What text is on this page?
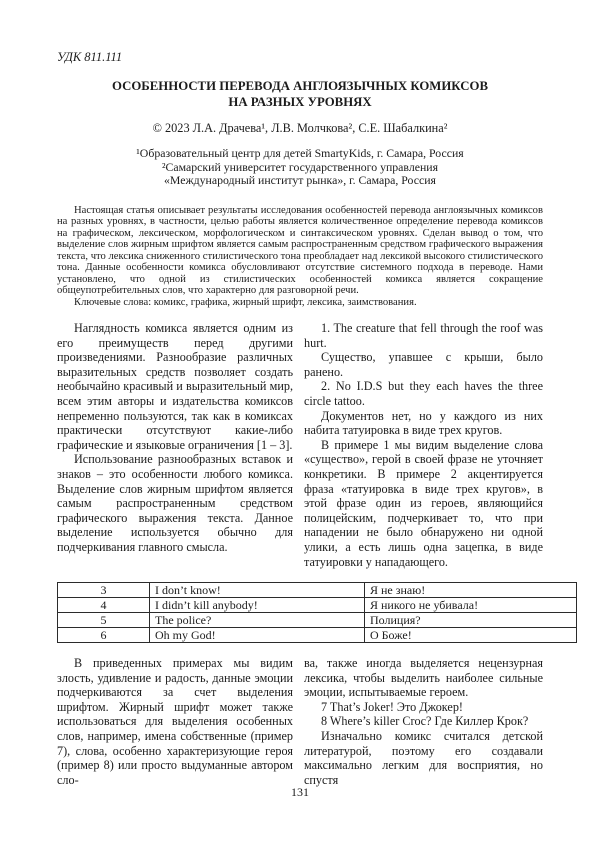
УДК 811.111
ОСОБЕННОСТИ ПЕРЕВОДА АНГЛОЯЗЫЧНЫХ КОМИКСОВ
НА РАЗНЫХ УРОВНЯХ
© 2023 Л.А. Драчева¹, Л.В. Молчкова², С.Е. Шабалкина²
¹Образовательный центр для детей SmartyKids, г. Самара, Россия
²Самарский университет государственного управления
«Международный институт рынка», г. Самара, Россия

Настоящая статья описывает результаты исследования особенностей перевода англоязычных комиксов на разных уровнях, в частности, целью работы является количественное определение перевода комиксов на графическом, лексическом, морфологическом и синтаксическом уровнях. Сделан вывод о том, что выделение слов жирным шрифтом является самым распространенным средством графического выражения текста, что лексика сниженного стилистического тона преобладает над лексикой высокого стилистического тона. Данные особенности комикса обусловливают отсутствие системного подхода в переводе. Нами установлено, что одной из стилистических особенностей комикса является сокращение общеупотребительных слов, что характерно для разговорной речи.

Ключевые слова: комикс, графика, жирный шрифт, лексика, заимствования.

Наглядность комикса является одним из его преимуществ перед другими произведениями. Разнообразие различных выразительных средств позволяет создать необычайно красивый и выразительный мир, всем этим авторы и издательства комиксов непременно пользуются, так как в комиксах практически отсутствуют какие-либо графические и языковые ограничения [1 – 3].

Использование разнообразных вставок и знаков – это особенности любого комикса. Выделение слов жирным шрифтом является самым распространенным средством графического выражения текста. Данное выделение используется обычно для подчеркивания главного смысла.

1. The creature that fell through the roof was hurt.

Существо, упавшее с крыши, было ранено.

2. No I.D.S but they each haves the three circle tattoo.

Документов нет, но у каждого из них набита татуировка в виде трех кругов.

В примере 1 мы видим выделение слова «существо», герой в своей фразе не уточняет конкретики. В примере 2 акцентируется фраза «татуировка в виде трех кругов», в этой фразе один из героев, являющийся полицейским, подчеркивает то, что при нападении не было обнаружено ни одной улики, а есть лишь одна зацепка, в виде татуировки у нападающего.

3	I don’t know!	Я не знаю!
4	I didn’t kill anybody!	Я никого не убивала!
5	The police?	Полиция?
6	Oh my God!	О Боже!

В приведенных примерах мы видим злость, удивление и радость, данные эмоции подчеркиваются за счет выделения шрифтом. Жирный шрифт может также использоваться для выделения особенных слов, например, имена собственные (пример 7), слова, особенно характеризующие героя (пример 8) или просто выдуманные автором сло-

ва, также иногда выделяется нецензурная лексика, чтобы выделить наиболее сильные эмоции, испытываемые героем.

7 That’s Joker! Это Джокер!

8 Where’s killer Croc? Где Киллер Крок?

Изначально комикс считался детской литературой, поэтому его создавали максимально легким для восприятия, но спустя

131
